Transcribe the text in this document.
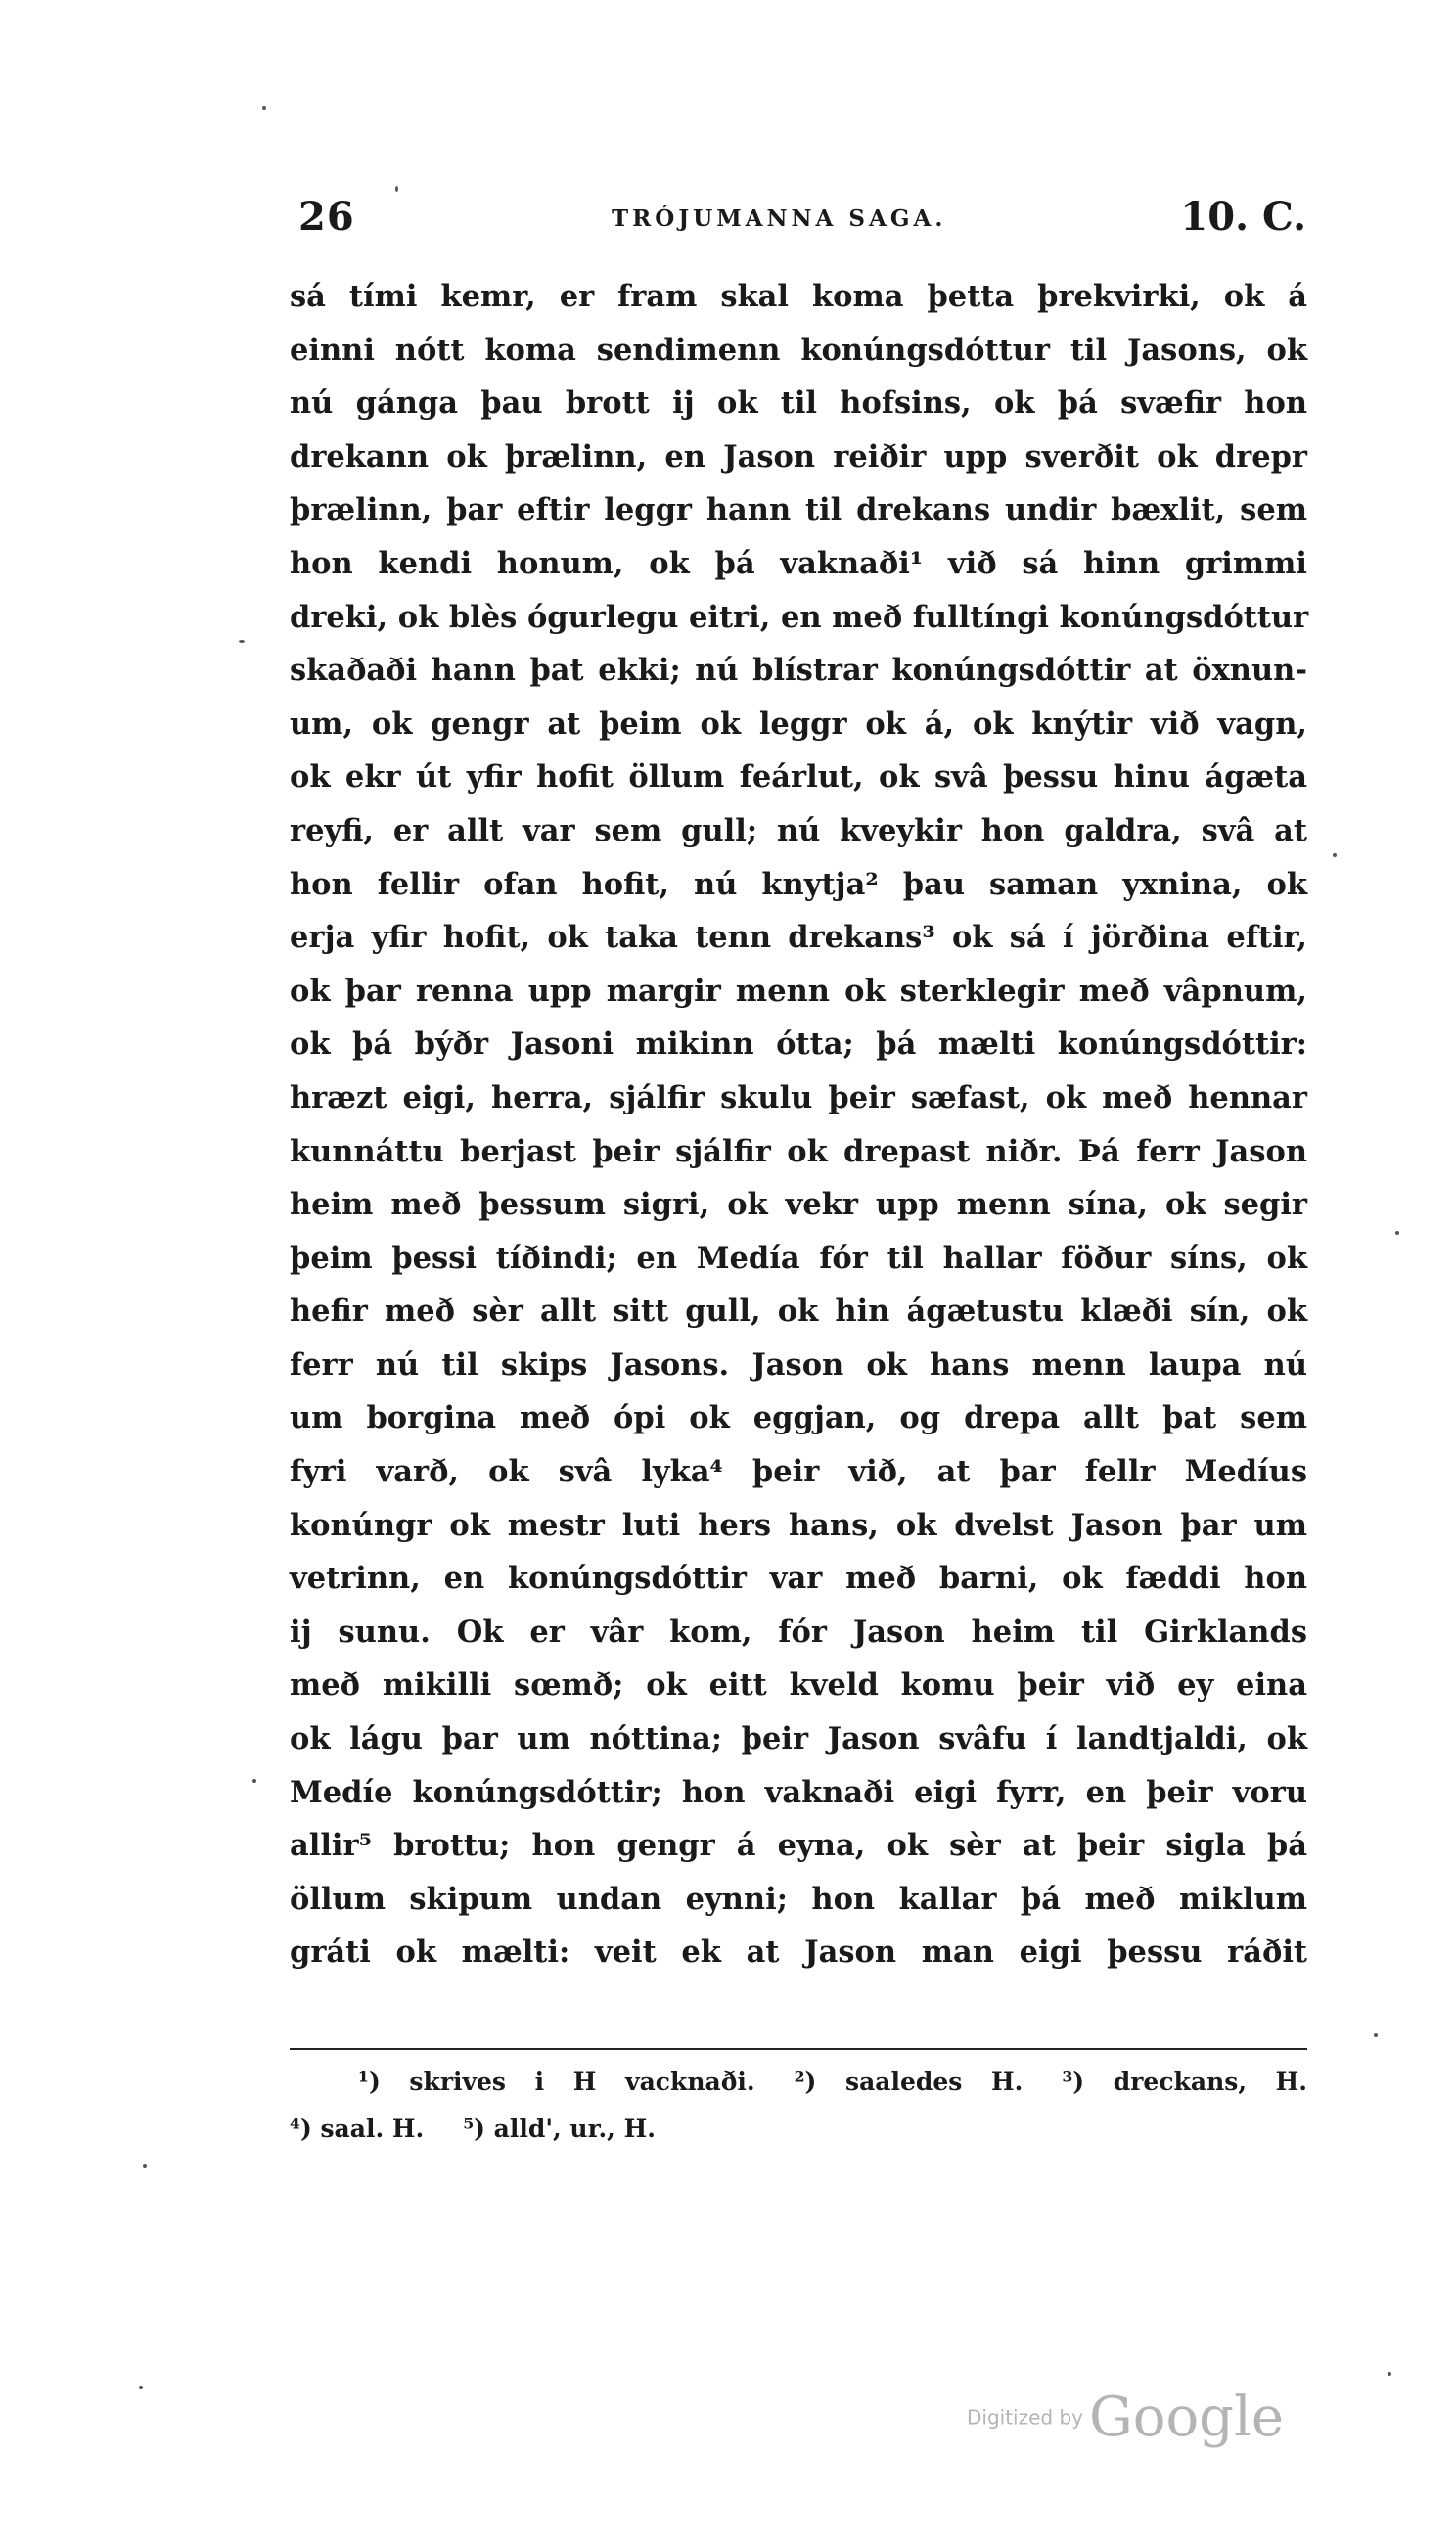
26	TRÓJUMANNA SAGA.	10. C.
sá tími kemr, er fram skal koma þetta þrekvirki, ok á
einni nótt koma sendimenn konúngsdóttur til Jasons, ok
nú gánga þau brott ij ok til hofsins, ok þá svæfir hon
drekann ok þrælinn, en Jason reiðir upp sverðit ok drepr
þrælinn, þar eftir leggr hann til drekans undir bæxlit, sem
hon kendi honum, ok þá vaknaði¹ við sá hinn grimmi
dreki, ok blès ógurlegu eitri, en með fulltíngi konúngsdóttur
skaðaði hann þat ekki; nú blístrar konúngsdóttir at öxnun-
um, ok gengr at þeim ok leggr ok á, ok knýtir við vagn,
ok ekr út yfir hofit öllum feárlut, ok svâ þessu hinu ágæta
reyfi, er allt var sem gull; nú kveykir hon galdra, svâ at
hon fellir ofan hofit, nú knytja² þau saman yxnina, ok
erja yfir hofit, ok taka tenn drekans³ ok sá í jörðina eftir,
ok þar renna upp margir menn ok sterklegir með vâpnum,
ok þá býðr Jasoni mikinn ótta; þá mælti konúngsdóttir:
hræzt eigi, herra, sjálfir skulu þeir sæfast, ok með hennar
kunnáttu berjast þeir sjálfir ok drepast niðr. Þá ferr Jason
heim með þessum sigri, ok vekr upp menn sína, ok segir
þeim þessi tíðindi; en Medía fór til hallar föður síns, ok
hefir með sèr allt sitt gull, ok hin ágætustu klæði sín, ok
ferr nú til skips Jasons. Jason ok hans menn laupa nú
um borgina með ópi ok eggjan, og drepa allt þat sem
fyri varð, ok svâ lyka⁴ þeir við, at þar fellr Medíus
konúngr ok mestr luti hers hans, ok dvelst Jason þar um
vetrinn, en konúngsdóttir var með barni, ok fæddi hon
ij sunu. Ok er vâr kom, fór Jason heim til Girklands
með mikilli sœmð; ok eitt kveld komu þeir við ey eina
ok lágu þar um nóttina; þeir Jason svâfu í landtjaldi, ok
Medíe konúngsdóttir; hon vaknaði eigi fyrr, en þeir voru
allir⁵ brottu; hon gengr á eyna, ok sèr at þeir sigla þá
öllum skipum undan eynni; hon kallar þá með miklum
gráti ok mælti: veit ek at Jason man eigi þessu ráðit
¹) skrives i H vacknaði. ²) saaledes H. ³) dreckans, H.
⁴) saal. H. ⁵) alld', ur., H.
Digitized by Google
